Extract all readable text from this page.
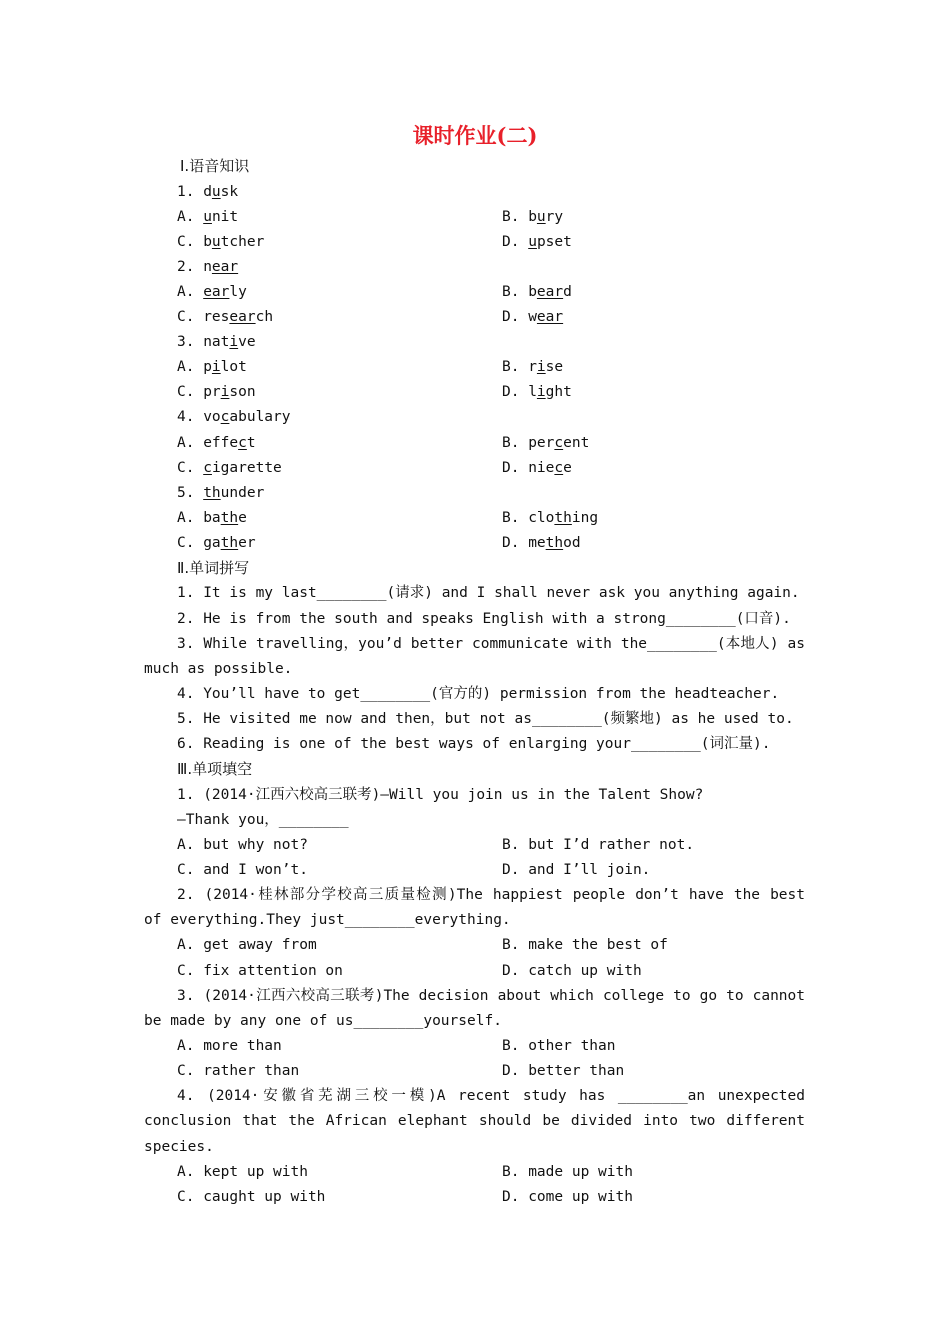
课时作业(二)
Ⅰ.语音知识
1. dusk
A. unit	B. bury
C. butcher	D. upset
2. near
A. early	B. beard
C. research	D. wear
3. native
A. pilot	B. rise
C. prison	D. light
4. vocabulary
A. effect	B. percent
C. cigarette	D. niece
5. thunder
A. bathe	B. clothing
C. gather	D. method
Ⅱ.单词拼写
1. It is my last________(请求) and I shall never ask you anything again.
2. He is from the south and speaks English with a strong________(口音).
3. While travelling，you’d better communicate with the________(本地人) as
much as possible.
4. You’ll have to get________(官方的) permission from the headteacher.
5. He visited me now and then，but not as________(频繁地) as he used to.
6. Reading is one of the best ways of enlarging your________(词汇量).
Ⅲ.单项填空
1. (2014·江西六校高三联考)—Will you join us in the Talent Show?
—Thank you，________
A. but why not?	B. but I’d rather not.
C. and I won’t.	D. and I’ll join.
2. (2014·桂林部分学校高三质量检测)The happiest people don’t have the best
of everything.They just________everything.
A. get away from	B. make the best of
C. fix attention on	D. catch up with
3. (2014·江西六校高三联考)The decision about which college to go to cannot
be made by any one of us________yourself.
A. more than	B. other than
C. rather than	D. better than
4. (2014·安徽省芜湖三校一模)A recent study has ________an unexpected
conclusion that the African elephant should be divided into two different
species.
A. kept up with	B. made up with
C. caught up with	D. come up with
